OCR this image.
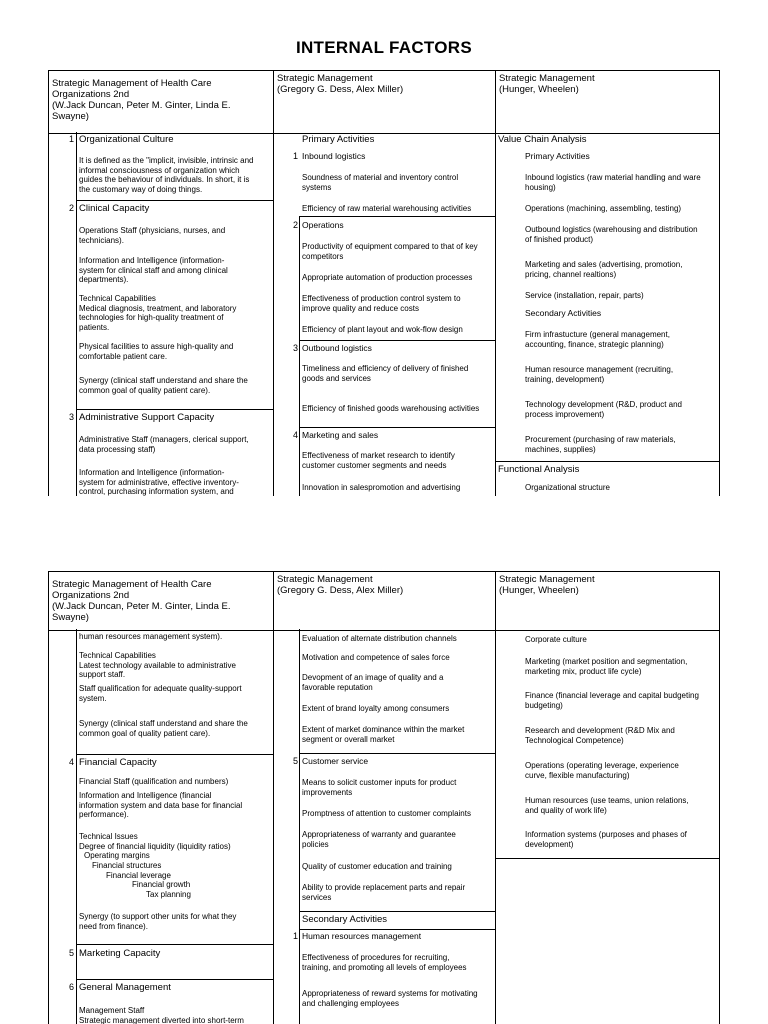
INTERNAL FACTORS
Strategic Management of Health Care
Organizations 2nd
(W.Jack Duncan, Peter M. Ginter, Linda E.
Swayne)
Strategic Management
(Gregory G. Dess, Alex Miller)
Strategic Management
(Hunger, Wheelen)
1 Organizational Culture
It is defined as the "implicit, invisible, intrinsic and
informal consciousness of organization which
guides the behaviour of individuals. In short, it is
the customary way of doing things.
2 Clinical Capacity
Operations Staff (physicians, nurses, and
technicians).
Information and Intelligence (information-
system for clinical staff and among clinical
departments).
Technical Capabilities
Medical diagnosis, treatment, and laboratory
technologies for high-quality treatment of
patients.
Physical facilities to assure high-quality and
comfortable patient care.
Synergy (clinical staff understand and share the
common goal of quality patient care).
3 Administrative Support Capacity
Administrative Staff (managers, clerical support,
data processing staff)
Information and Intelligence (information-
system for administrative, effective inventory-
control, purchasing information system, and
Primary Activities
1 Inbound logistics
Soundness of material and inventory control
systems
Efficiency of raw material warehousing activities
2 Operations
Productivity of equipment compared to that of key
competitors
Appropriate automation of production processes
Effectiveness of production control system to
improve quality and reduce costs
Efficiency of plant layout and wok-flow design
3 Outbound logistics
Timeliness and efficiency of delivery of finished
goods and services
Efficiency of finished goods warehousing activities
4 Marketing and sales
Effectiveness of market research to identify
customer customer segments and needs
Innovation in salespromotion and advertising
Value Chain Analysis
Primary Activities
Inbound logistics (raw material handling and ware
housing)
Operations (machining, assembling, testing)
Outbound logistics (warehousing and distribution
of finished product)
Marketing and sales (advertising, promotion,
pricing, channel realtions)
Service (installation, repair, parts)
Secondary Activities
Firm infrastucture (general management,
accounting, finance, strategic planning)
Human resource management (recruiting,
training, development)
Technology development (R&D, product and
process improvement)
Procurement (purchasing of raw materials,
machines, supplies)
Functional Analysis
Organizational structure
Strategic Management of Health Care
Organizations 2nd
(W.Jack Duncan, Peter M. Ginter, Linda E.
Swayne)
Strategic Management
(Gregory G. Dess, Alex Miller)
Strategic Management
(Hunger, Wheelen)
human resources management system).
Technical Capabilities
Latest technology available to administrative
support staff.
Staff qualification for adequate quality-support
system.
Synergy (clinical staff understand and share the
common goal of quality patient care).
4 Financial Capacity
Financial Staff (qualification and numbers)
Information and Intelligence (financial
information system and data base for financial
performance).
Technical Issues
Degree of financial liquidity (liquidity ratios)
Operating margins
Financial structures
Financial leverage
Financial growth
Tax planning
Synergy (to support other units for what they
need from finance).
5 Marketing Capacity
6 General Management
Management Staff
Strategic management diverted into short-term
Evaluation of alternate distribution channels
Motivation and competence of sales force
Devopment of an image of quality and a
favorable reputation
Extent of brand loyalty among consumers
Extent of market dominance within the market
segment or overall market
5 Customer service
Means to solicit customer inputs for product
improvements
Promptness of attention to customer complaints
Appropriateness of warranty and guarantee
policies
Quality of customer education and training
Ability to provide replacement parts and repair
services
Secondary Activities
1 Human resources management
Effectiveness of procedures for recruiting,
training, and promoting all levels of employees
Appropriateness of reward systems for motivating
and challenging employees
Corporate culture
Marketing (market position and segmentation,
marketing mix, product life cycle)
Finance (financial leverage and capital budgeting
budgeting)
Research and development (R&D Mix and
Technological Competence)
Operations (operating leverage, experience
curve, flexible manufacturing)
Human resources (use teams, union relations,
and quality of work life)
Information systems (purposes and phases of
development)
